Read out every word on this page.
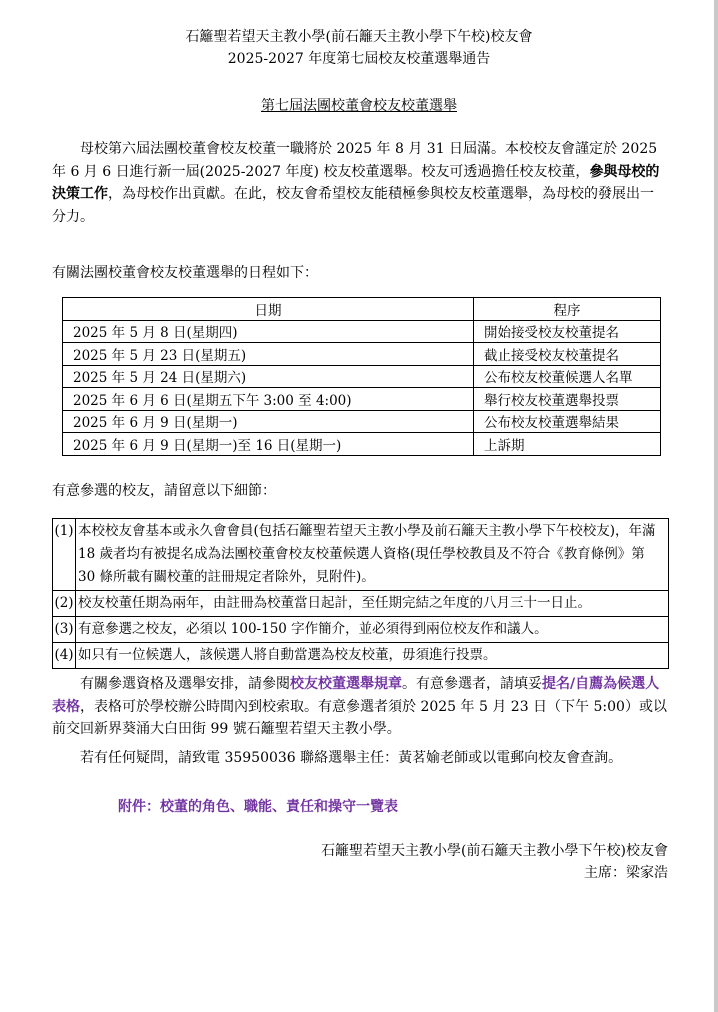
石籬聖若望天主教小學(前石籬天主教小學下午校)校友會
2025-2027 年度第七屆校友校董選舉通告
第七屆法團校董會校友校董選舉
母校第六屆法團校董會校友校董一職將於 2025 年 8 月 31 日屆滿。本校校友會謹定於 2025 年 6 月 6 日進行新一屆(2025-2027 年度) 校友校董選舉。校友可透過擔任校友校董，參與母校的決策工作，為母校作出貢獻。在此，校友會希望校友能積極參與校友校董選舉，為母校的發展出一分力。
有關法團校董會校友校董選舉的日程如下：
日期	程序
2025 年 5 月 8 日(星期四)	開始接受校友校董提名
2025 年 5 月 23 日(星期五)	截止接受校友校董提名
2025 年 5 月 24 日(星期六)	公布校友校董候選人名單
2025 年 6 月 6 日(星期五下午 3:00 至 4:00)	舉行校友校董選舉投票
2025 年 6 月 9 日(星期一)	公布校友校董選舉結果
2025 年 6 月 9 日(星期一)至 16 日(星期一)	上訴期
有意參選的校友，請留意以下細節：
(1)	本校校友會基本或永久會會員(包括石籬聖若望天主教小學及前石籬天主教小學下午校校友)，年滿 18 歲者均有被提名成為法團校董會校友校董候選人資格(現任學校教員及不符合《教育條例》第 30 條所載有關校董的註冊規定者除外，見附件)。
(2)	校友校董任期為兩年，由註冊為校董當日起計，至任期完結之年度的八月三十一日止。
(3)	有意參選之校友，必須以 100-150 字作簡介，並必須得到兩位校友作和議人。
(4)	如只有一位候選人，該候選人將自動當選為校友校董，毋須進行投票。
有關參選資格及選舉安排，請參閱校友校董選舉規章。有意參選者，請填妥提名/自薦為候選人表格，表格可於學校辦公時間內到校索取。有意參選者須於 2025 年 5 月 23 日（下午 5:00）或以前交回新界葵涌大白田街 99 號石籬聖若望天主教小學。
若有任何疑問，請致電 35950036 聯絡選舉主任：黃茗媮老師或以電郵向校友會查詢。
附件：校董的角色、職能、責任和操守一覽表
石籬聖若望天主教小學(前石籬天主教小學下午校)校友會
主席：梁家浩
